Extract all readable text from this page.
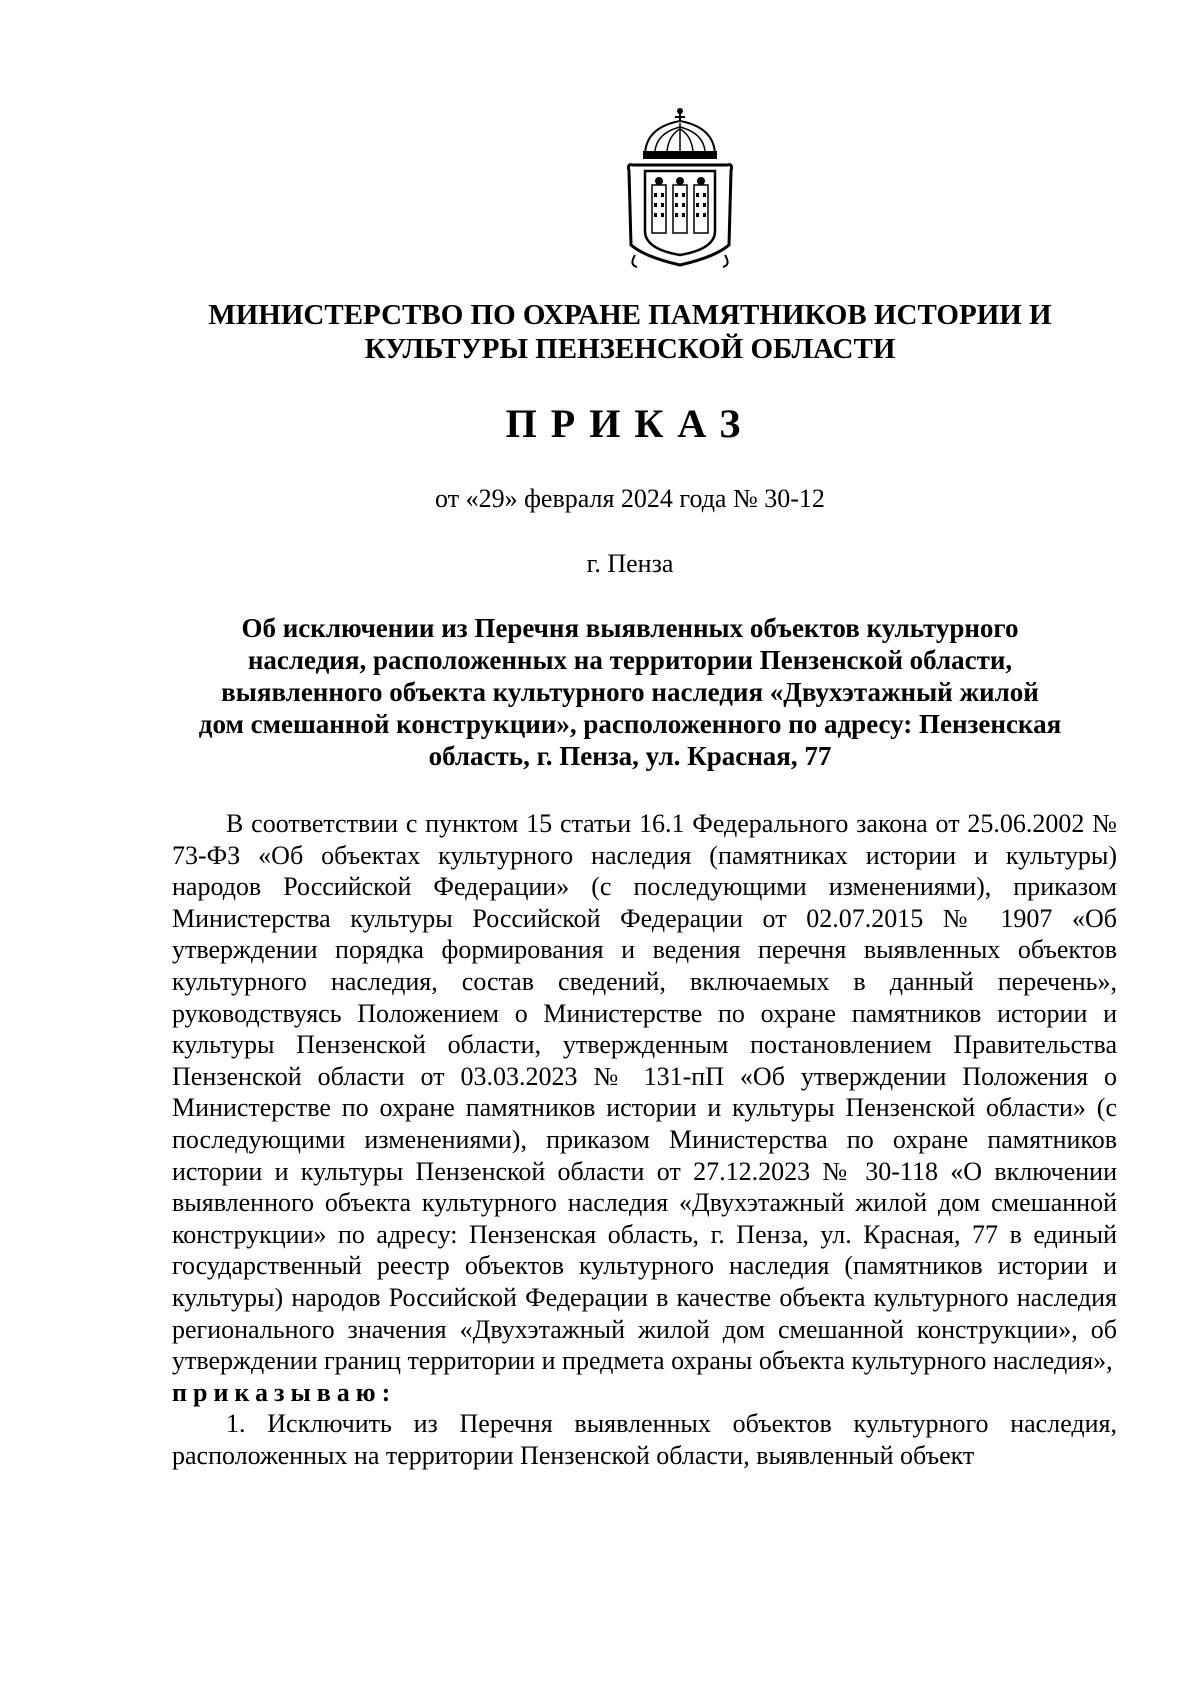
МИНИСТЕРСТВО ПО ОХРАНЕ ПАМЯТНИКОВ ИСТОРИИ И
КУЛЬТУРЫ ПЕНЗЕНСКОЙ ОБЛАСТИ
ПРИКАЗ
от «29» февраля 2024 года № 30-12
г. Пенза
Об исключении из Перечня выявленных объектов культурного
наследия, расположенных на территории Пензенской области,
выявленного объекта культурного наследия «Двухэтажный жилой
дом смешанной конструкции», расположенного по адресу: Пензенская
область, г. Пенза, ул. Красная, 77

В соответствии с пунктом 15 статьи 16.1 Федерального закона от 25.06.2002 № 73-ФЗ «Об объектах культурного наследия (памятниках истории и культуры) народов Российской Федерации» (с последующими изменениями), приказом Министерства культуры Российской Федерации от 02.07.2015 № 1907 «Об утверждении порядка формирования и ведения перечня выявленных объектов культурного наследия, состав сведений, включаемых в данный перечень», руководствуясь Положением о Министерстве по охране памятников истории и культуры Пензенской области, утвержденным постановлением Правительства Пензенской области от 03.03.2023 № 131-пП «Об утверждении Положения о Министерстве по охране памятников истории и культуры Пензенской области» (с последующими изменениями), приказом Министерства по охране памятников истории и культуры Пензенской области от 27.12.2023 № 30-118 «О включении выявленного объекта культурного наследия «Двухэтажный жилой дом смешанной конструкции» по адресу: Пензенская область, г. Пенза, ул. Красная, 77 в единый государственный реестр объектов культурного наследия (памятников истории и культуры) народов Российской Федерации в качестве объекта культурного наследия регионального значения «Двухэтажный жилой дом смешанной конструкции», об утверждении границ территории и предмета охраны объекта культурного наследия»,

приказываю:

1. Исключить из Перечня выявленных объектов культурного наследия, расположенных на территории Пензенской области, выявленный объект
